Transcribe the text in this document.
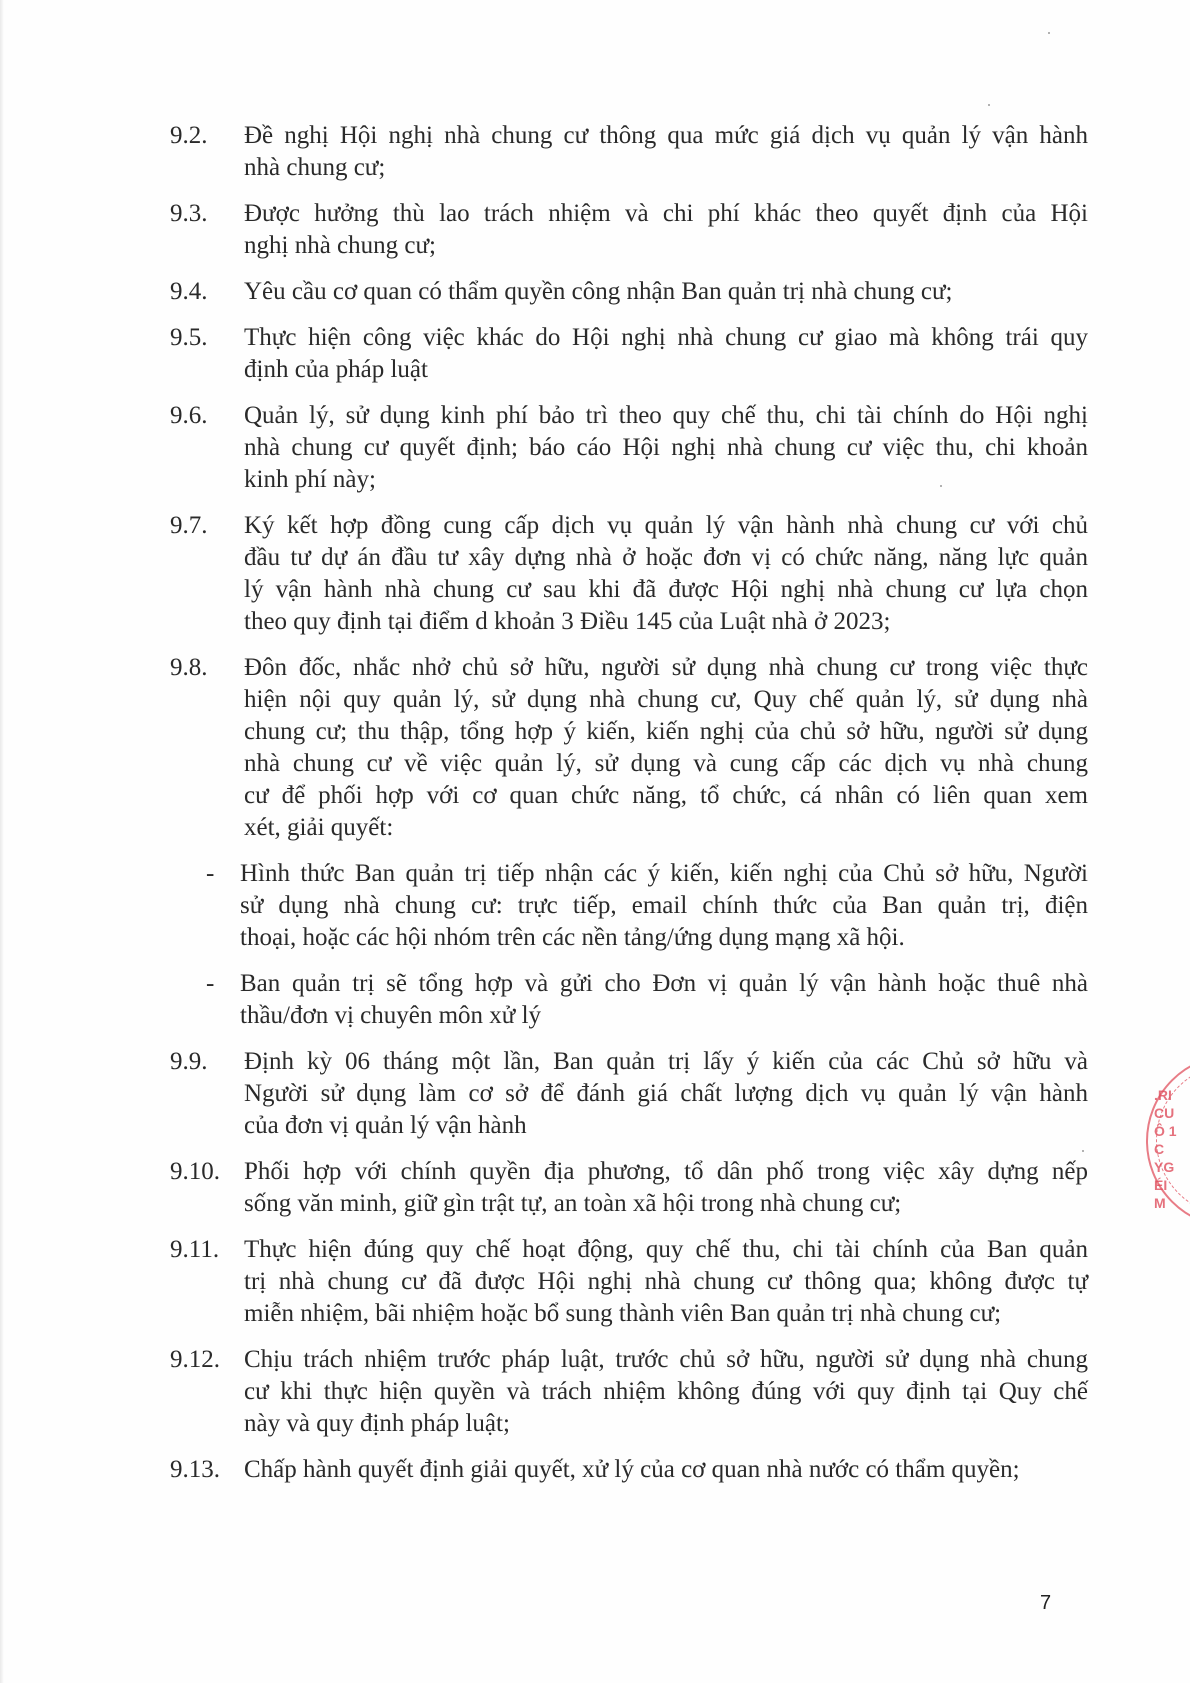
9.2.	Đề nghị Hội nghị nhà chung cư thông qua mức giá dịch vụ quản lý vận hành
nhà chung cư;
9.3.	Được hưởng thù lao trách nhiệm và chi phí khác theo quyết định của Hội
nghị nhà chung cư;
9.4.	Yêu cầu cơ quan có thẩm quyền công nhận Ban quản trị nhà chung cư;
9.5.	Thực hiện công việc khác do Hội nghị nhà chung cư giao mà không trái quy
định của pháp luật
9.6.	Quản lý, sử dụng kinh phí bảo trì theo quy chế thu, chi tài chính do Hội nghị
nhà chung cư quyết định; báo cáo Hội nghị nhà chung cư việc thu, chi khoản
kinh phí này;
9.7.	Ký kết hợp đồng cung cấp dịch vụ quản lý vận hành nhà chung cư với chủ
đầu tư dự án đầu tư xây dựng nhà ở hoặc đơn vị có chức năng, năng lực quản
lý vận hành nhà chung cư sau khi đã được Hội nghị nhà chung cư lựa chọn
theo quy định tại điểm d khoản 3 Điều 145 của Luật nhà ở 2023;
9.8.	Đôn đốc, nhắc nhở chủ sở hữu, người sử dụng nhà chung cư trong việc thực
hiện nội quy quản lý, sử dụng nhà chung cư, Quy chế quản lý, sử dụng nhà
chung cư; thu thập, tổng hợp ý kiến, kiến nghị của chủ sở hữu, người sử dụng
nhà chung cư về việc quản lý, sử dụng và cung cấp các dịch vụ nhà chung
cư để phối hợp với cơ quan chức năng, tổ chức, cá nhân có liên quan xem
xét, giải quyết:
- Hình thức Ban quản trị tiếp nhận các ý kiến, kiến nghị của Chủ sở hữu, Người
sử dụng nhà chung cư: trực tiếp, email chính thức của Ban quản trị, điện
thoại, hoặc các hội nhóm trên các nền tảng/ứng dụng mạng xã hội.
- Ban quản trị sẽ tổng hợp và gửi cho Đơn vị quản lý vận hành hoặc thuê nhà
thầu/đơn vị chuyên môn xử lý
9.9.	Định kỳ 06 tháng một lần, Ban quản trị lấy ý kiến của các Chủ sở hữu và
Người sử dụng làm cơ sở để đánh giá chất lượng dịch vụ quản lý vận hành
của đơn vị quản lý vận hành
9.10. Phối hợp với chính quyền địa phương, tổ dân phố trong việc xây dựng nếp
sống văn minh, giữ gìn trật tự, an toàn xã hội trong nhà chung cư;
9.11. Thực hiện đúng quy chế hoạt động, quy chế thu, chi tài chính của Ban quản
trị nhà chung cư đã được Hội nghị nhà chung cư thông qua; không được tự
miễn nhiệm, bãi nhiệm hoặc bổ sung thành viên Ban quản trị nhà chung cư;
9.12. Chịu trách nhiệm trước pháp luật, trước chủ sở hữu, người sử dụng nhà chung
cư khi thực hiện quyền và trách nhiệm không đúng với quy định tại Quy chế
này và quy định pháp luật;
9.13. Chấp hành quyết định giải quyết, xử lý của cơ quan nhà nước có thẩm quyền;
.RI
CU
Ô 1
C
YG
ÉI
M
7
